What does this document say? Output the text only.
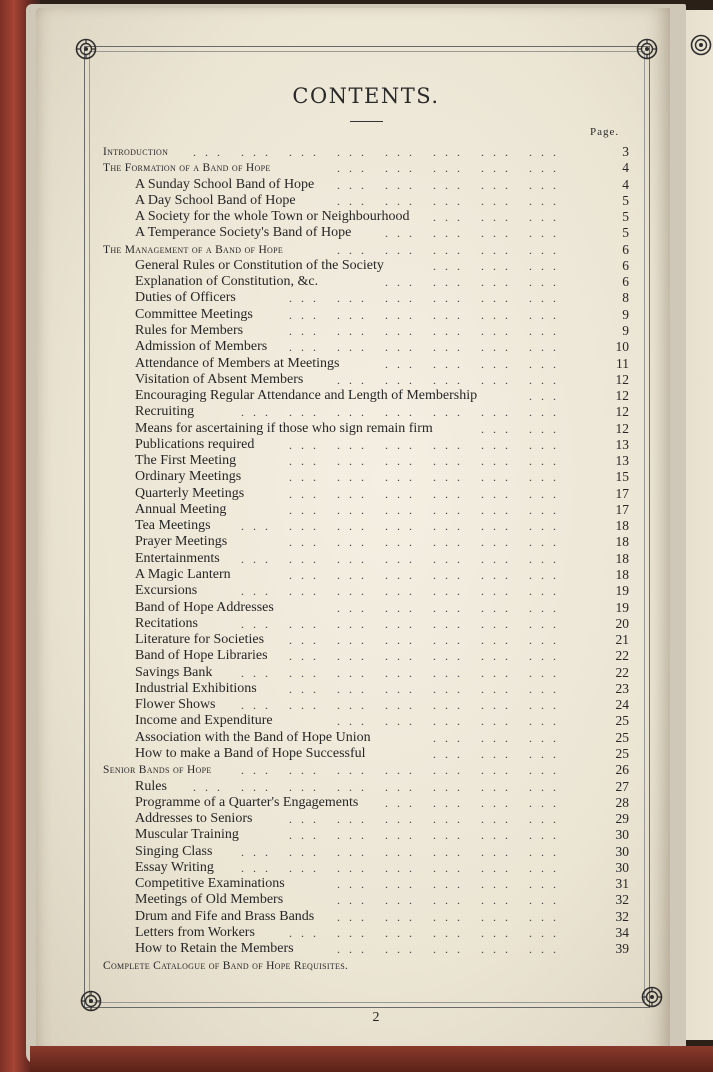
CONTENTS.
Page.
Introduction	3
... ... ... ... ... ... ... ...
The Formation of a Band of Hope	4
... ... ... ... ...
A Sunday School Band of Hope	4
... ... ... ... ...
A Day School Band of Hope	5
... ... ... ... ...
A Society for the whole Town or Neighbourhood	5
... ... ...
A Temperance Society's Band of Hope	5
... ... ... ...
The Management of a Band of Hope	6
... ... ... ... ...
General Rules or Constitution of the Society	6
... ... ...
Explanation of Constitution, &c.	6
... ... ... ...
Duties of Officers	8
... ... ... ... ... ...
Committee Meetings	9
... ... ... ... ... ...
Rules for Members	9
... ... ... ... ... ...
Admission of Members	10
... ... ... ... ... ...
Attendance of Members at Meetings	11
... ... ... ...
Visitation of Absent Members	12
... ... ... ... ...
Encouraging Regular Attendance and Length of Membership	12
...
Recruiting	12
... ... ... ... ... ... ...
Means for ascertaining if those who sign remain firm	12
... ...
Publications required	13
... ... ... ... ... ...
The First Meeting	13
... ... ... ... ... ...
Ordinary Meetings	15
... ... ... ... ... ...
Quarterly Meetings	17
... ... ... ... ... ...
Annual Meeting	17
... ... ... ... ... ...
Tea Meetings	18
... ... ... ... ... ... ...
Prayer Meetings	18
... ... ... ... ... ...
Entertainments	18
... ... ... ... ... ... ...
A Magic Lantern	18
... ... ... ... ... ...
Excursions	19
... ... ... ... ... ... ...
Band of Hope Addresses	19
... ... ... ... ...
Recitations	20
... ... ... ... ... ... ...
Literature for Societies	21
... ... ... ... ... ...
Band of Hope Libraries	22
... ... ... ... ... ...
Savings Bank	22
... ... ... ... ... ... ...
Industrial Exhibitions	23
... ... ... ... ... ...
Flower Shows	24
... ... ... ... ... ... ...
Income and Expenditure	25
... ... ... ... ...
Association with the Band of Hope Union	25
... ... ...
How to make a Band of Hope Successful	25
... ... ...
Senior Bands of Hope	26
... ... ... ... ... ... ...
Rules	27
... ... ... ... ... ... ... ...
Programme of a Quarter's Engagements	28
... ... ... ...
Addresses to Seniors	29
... ... ... ... ... ...
Muscular Training	30
... ... ... ... ... ...
Singing Class	30
... ... ... ... ... ... ...
Essay Writing	30
... ... ... ... ... ... ...
Competitive Examinations	31
... ... ... ... ...
Meetings of Old Members	32
... ... ... ... ...
Drum and Fife and Brass Bands	32
... ... ... ... ...
Letters from Workers	34
... ... ... ... ... ...
How to Retain the Members	39
... ... ... ... ...
Complete Catalogue of Band of Hope Requisites.
2
